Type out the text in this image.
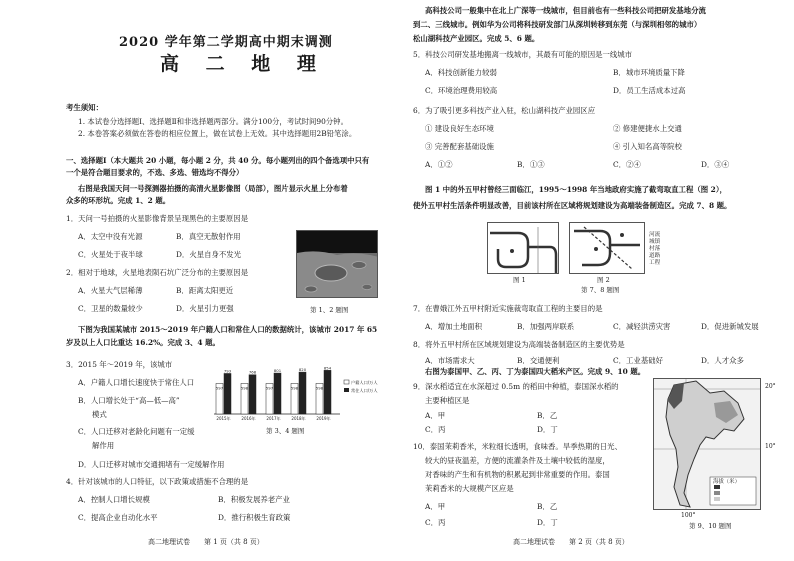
2020 学年第二学期高中期末调测
高 二 地 理
考生须知：
1. 本试卷分选择题Ⅰ、选择题Ⅱ和非选择题两部分。满分100分，考试时间90分钟。
2. 本卷答案必须做在答卷的相应位置上，做在试卷上无效。其中选择题用2B铅笔涂。
一、选择题Ⅰ（本大题共 20 小题，每小题 2 分，共 40 分。每小题列出的四个备选项中只有
一个是符合题目要求的，不选、多选、错选均不得分）
右图是我国天问一号探测器拍摄的高清火星影像图（局部），图片显示火星上分布着
众多的环形坑。完成 1、2 题。
1．天问一号拍摄的火星影像背景呈现黑色的主要原因是
A．太空中没有光源	B．真空无散射作用
C．火星处于夜半球	D．火星自身不发光
2．相对于地球，火星地表陨石坑广泛分布的主要原因是
A．火星大气层稀薄	B．距离太阳更近
C．卫星的数量较少	D．火星引力更强	第 1、2 题图
下图为我国某城市 2015～2019 年户籍人口和常住人口的数据统计，该城市 2017 年 65
岁及以上人口比重达 16.2%。完成 3、4 题。
3．2015 年～2019 年，该城市
A．户籍人口增长速度快于常住人口
B．人口增长处于“高—低—高”
模式
C．人口迁移对老龄化问题有一定缓
解作用
D．人口迁移对城市交通拥堵有一定缓解作用
597
793
2015年
598
768
2016年
597
801
2017年
598
820
2018年
598
854
2019年
户籍人口/万人
常住人口/万人
第 3、4 题图
4．针对该城市的人口特征，以下政策或措施不合理的是
A．控制人口增长规模	B．积极发展养老产业
C．提高企业自动化水平	D．推行积极生育政策
高二地理试卷　　第 1 页（共 8 页）
高科技公司一般集中在北上广深等一线城市，但目前也有一些科技公司把研发基地分流
到二、三线城市。例如华为公司将科技研发部门从深圳转移到东莞（与深圳相邻的城市）
松山湖科技产业园区。完成 5、6 题。
5．科技公司研发基地搬离一线城市，其最有可能的原因是一线城市
A．科技创新能力较弱	B．城市环境质量下降
C．环境治理费用较高	D．员工生活成本过高
6．为了吸引更多科技产业入驻，松山湖科技产业园区应
① 建设良好生态环境	② 修建便捷水上交通
③ 完善配套基础设施	④ 引入知名高等院校
A．①②	B．①③	C．②④	D．③④
图 1 中的外五甲村曾经三面临江，1995～1998 年当地政府实施了截弯取直工程（图 2），
使外五甲村生活条件明显改善，目前该村所在区域将规划建设为高端装备制造区。完成 7、8 题。
图 1	图 2
河流
城镇
村落
道路
工程
第 7、8 题图
7．在曹娥江外五甲村附近实施裁弯取直工程的主要目的是
A．增加土地面积	B．加强两岸联系	C．减轻洪涝灾害	D．促进新城发展
8．将外五甲村所在区域规划建设为高端装备制造区的主要优势是
A．市场需求大	B．交通便利	C．工业基础好	D．人才众多
右图为泰国甲、乙、丙、丁为泰国四大稻米产区。完成 9、10 题。
9．深水稻适宜在水深超过 0.5m 的稻田中种植，泰国深水稻的
主要种植区是
A．甲	B．乙
C．丙	D．丁
10．泰国茉莉香米，米粒细长透明，食味香。旱季热期的日光、
较大的昼夜温差，方便的流灌条件及土壤中较低的湿度，
对香味的产生和有机物的积累起到非常重要的作用。泰国
茉莉香米的大规模产区应是
A．甲	B．乙
C．丙	D．丁
20°
10°
100°
海拔（米）
第 9、10 题图
高二地理试卷　　第 2 页（共 8 页）
